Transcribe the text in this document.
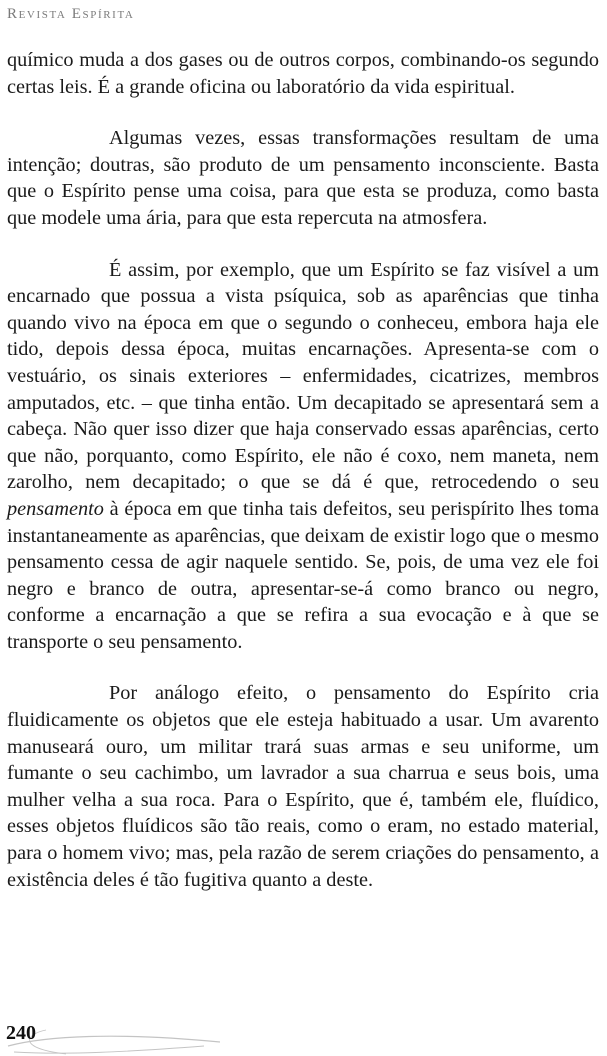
Revista Espírita

químico muda a dos gases ou de outros corpos, combinando-os segundo certas leis. É a grande oficina ou laboratório da vida espiritual.

Algumas vezes, essas transformações resultam de uma intenção; doutras, são produto de um pensamento inconsciente. Basta que o Espírito pense uma coisa, para que esta se produza, como basta que modele uma ária, para que esta repercuta na atmosfera.

É assim, por exemplo, que um Espírito se faz visível a um encarnado que possua a vista psíquica, sob as aparências que tinha quando vivo na época em que o segundo o conheceu, embora haja ele tido, depois dessa época, muitas encarnações. Apresenta-se com o vestuário, os sinais exteriores – enfermidades, cicatrizes, membros amputados, etc. – que tinha então. Um decapitado se apresentará sem a cabeça. Não quer isso dizer que haja conservado essas aparências, certo que não, porquanto, como Espírito, ele não é coxo, nem maneta, nem zarolho, nem decapitado; o que se dá é que, retrocedendo o seu pensamento à época em que tinha tais defeitos, seu perispírito lhes toma instantaneamente as aparências, que deixam de existir logo que o mesmo pensamento cessa de agir naquele sentido. Se, pois, de uma vez ele foi negro e branco de outra, apresentar-se-á como branco ou negro, conforme a encarnação a que se refira a sua evocação e à que se transporte o seu pensamento.

Por análogo efeito, o pensamento do Espírito cria fluidicamente os objetos que ele esteja habituado a usar. Um avarento manuseará ouro, um militar trará suas armas e seu uniforme, um fumante o seu cachimbo, um lavrador a sua charrua e seus bois, uma mulher velha a sua roca. Para o Espírito, que é, também ele, fluídico, esses objetos fluídicos são tão reais, como o eram, no estado material, para o homem vivo; mas, pela razão de serem criações do pensamento, a existência deles é tão fugitiva quanto a deste.

240
